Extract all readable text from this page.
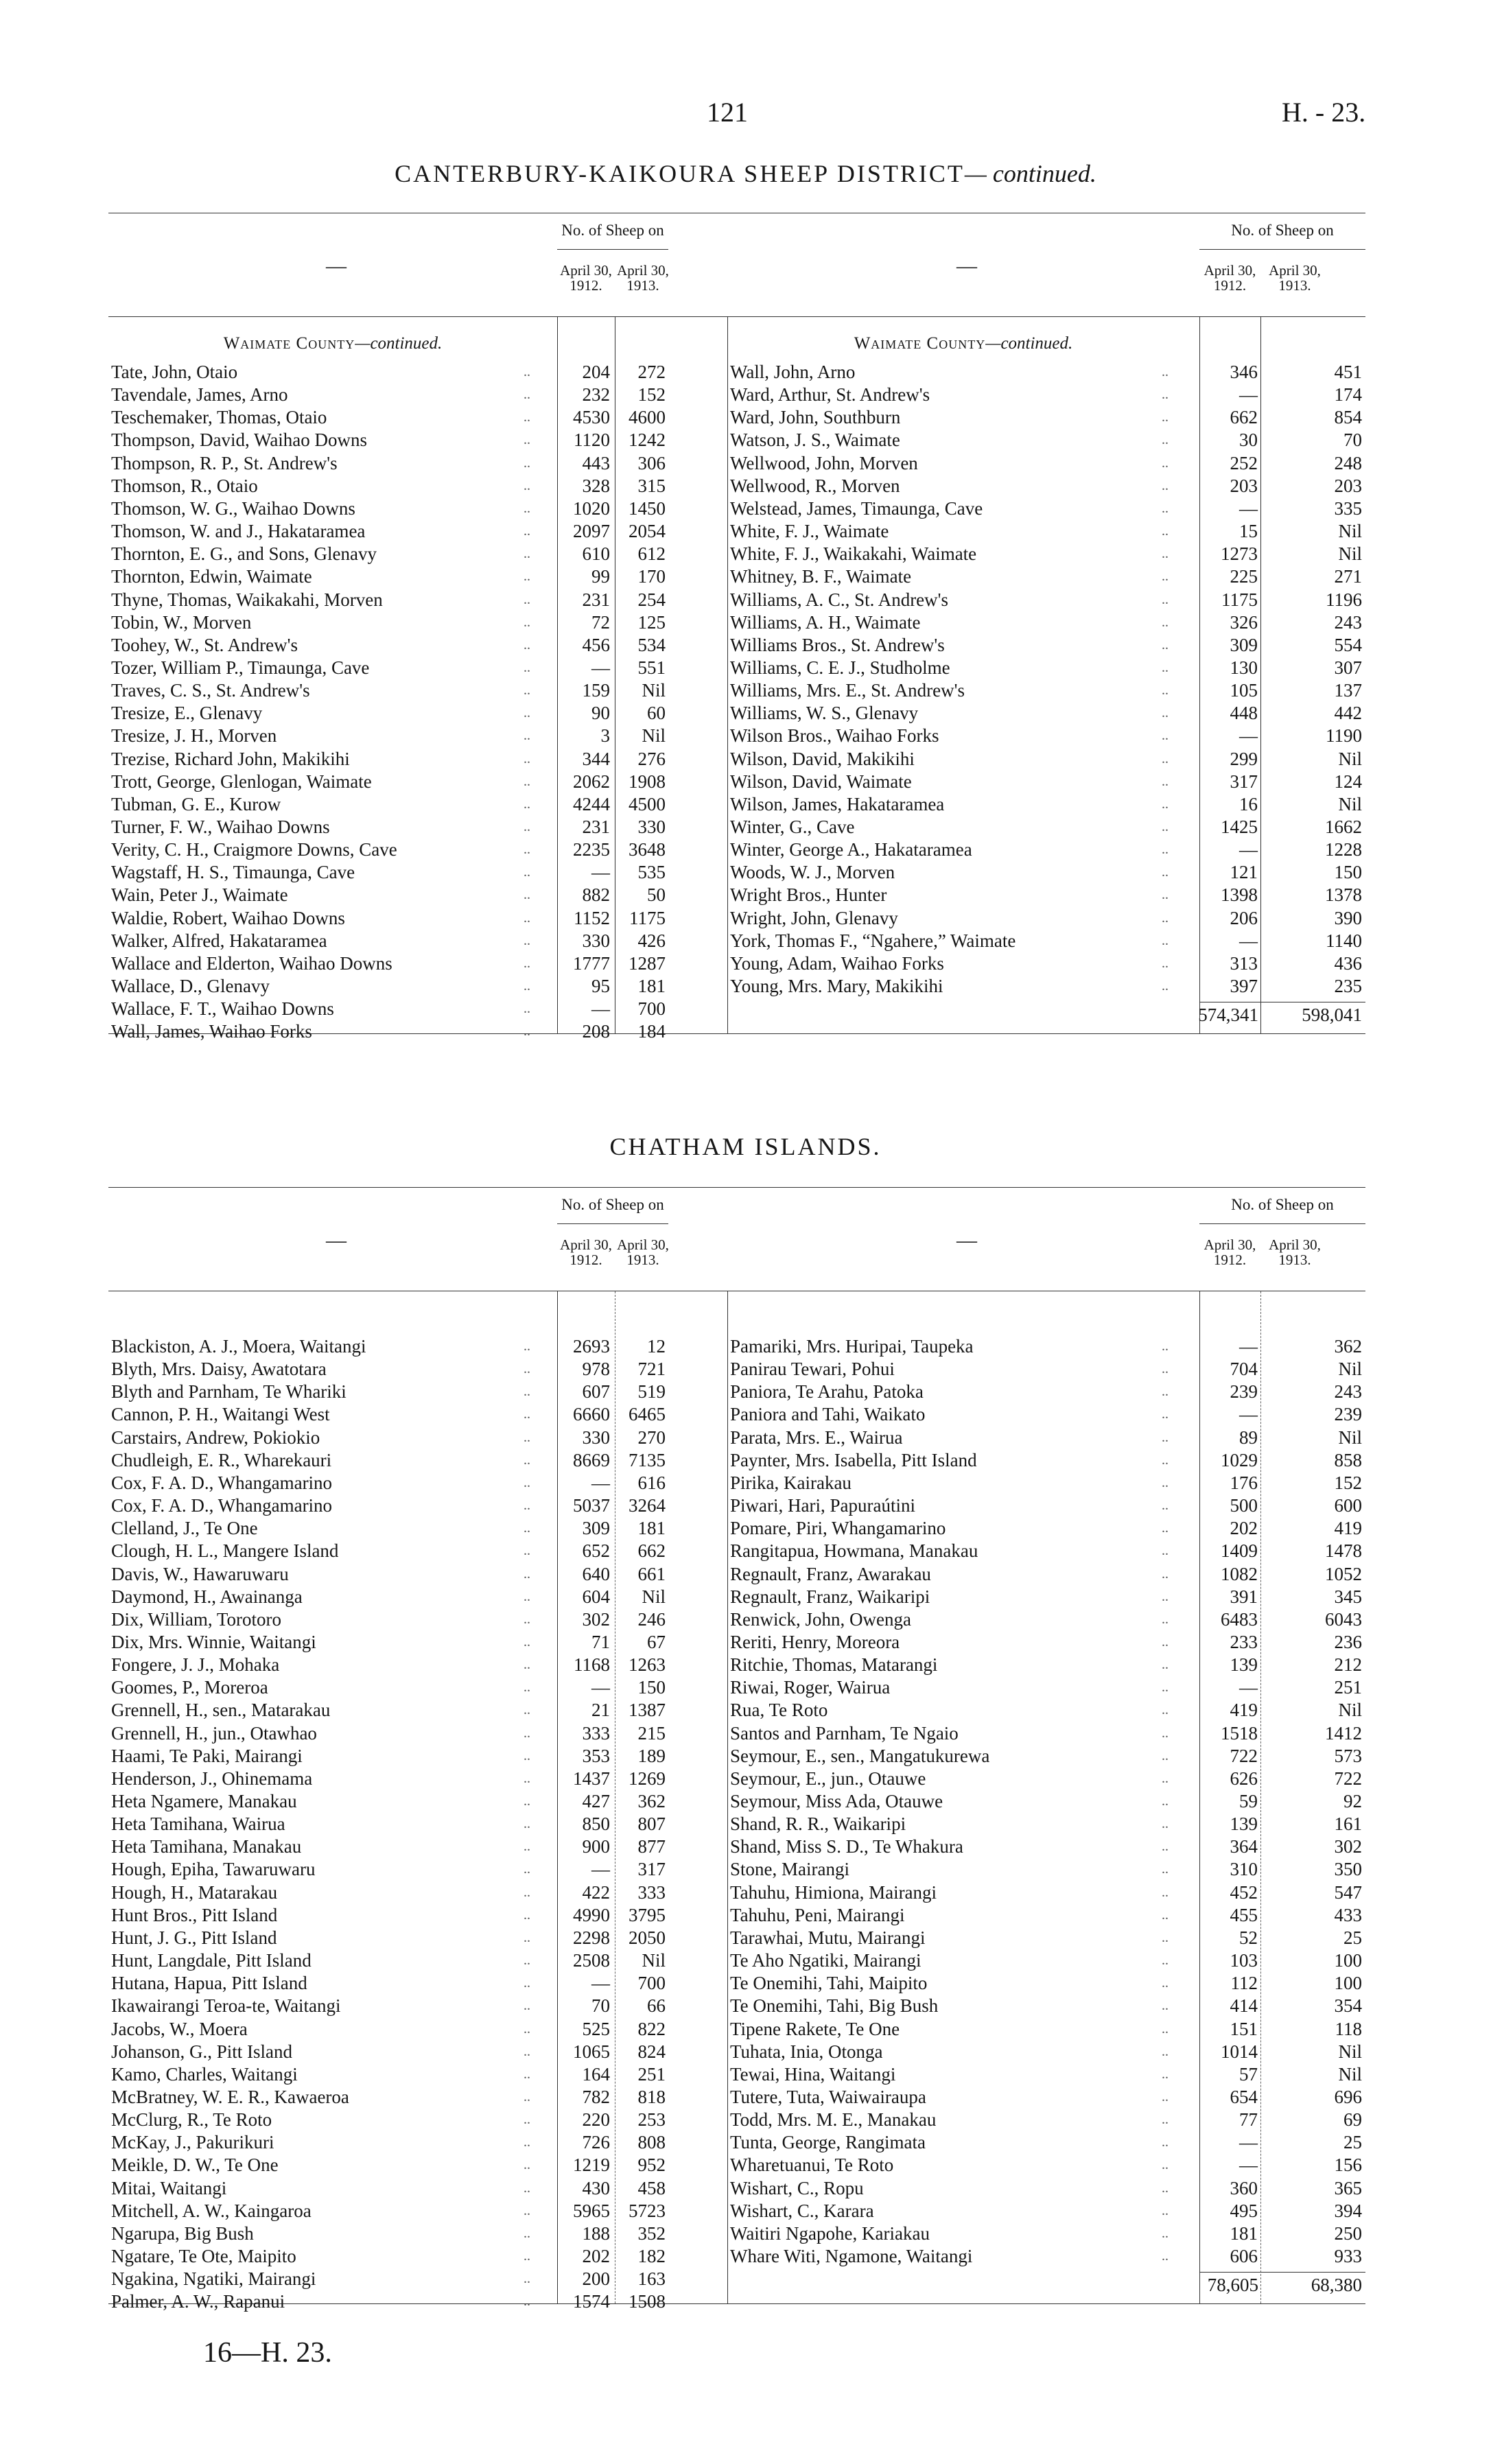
121	H. - 23.
CANTERBURY-KAIKOURA SHEEP DISTRICT— continued.
—	—
No. of Sheep on	No. of Sheep on
April 30, 1912.
April 30, 1913.
April 30, 1912.
April 30, 1913.
Waimate County—continued.	Waimate County—continued.
Tate, John, Otaio	..	204	272
Tavendale, James, Arno	..	232	152
Teschemaker, Thomas, Otaio	..	4530	4600
Thompson, David, Waihao Downs	..	1120	1242
Thompson, R. P., St. Andrew's	..	443	306
Thomson, R., Otaio	..	328	315
Thomson, W. G., Waihao Downs	..	1020	1450
Thomson, W. and J., Hakataramea	..	2097	2054
Thornton, E. G., and Sons, Glenavy	..	610	612
Thornton, Edwin, Waimate	..	99	170
Thyne, Thomas, Waikakahi, Morven	..	231	254
Tobin, W., Morven	..	72	125
Toohey, W., St. Andrew's	..	456	534
Tozer, William P., Timaunga, Cave	..	—	551
Traves, C. S., St. Andrew's	..	159	Nil
Tresize, E., Glenavy	..	90	60
Tresize, J. H., Morven	..	3	Nil
Trezise, Richard John, Makikihi	..	344	276
Trott, George, Glenlogan, Waimate	..	2062	1908
Tubman, G. E., Kurow	..	4244	4500
Turner, F. W., Waihao Downs	..	231	330
Verity, C. H., Craigmore Downs, Cave	..	2235	3648
Wagstaff, H. S., Timaunga, Cave	..	—	535
Wain, Peter J., Waimate	..	882	50
Waldie, Robert, Waihao Downs	..	1152	1175
Walker, Alfred, Hakataramea	..	330	426
Wallace and Elderton, Waihao Downs	..	1777	1287
Wallace, D., Glenavy	..	95	181
Wallace, F. T., Waihao Downs	..	—	700
Wall, James, Waihao Forks	..	208	184
Wall, John, Arno	..	346	451
Ward, Arthur, St. Andrew's	..	—	174
Ward, John, Southburn	..	662	854
Watson, J. S., Waimate	..	30	70
Wellwood, John, Morven	..	252	248
Wellwood, R., Morven	..	203	203
Welstead, James, Timaunga, Cave	..	—	335
White, F. J., Waimate	..	15	Nil
White, F. J., Waikakahi, Waimate	..	1273	Nil
Whitney, B. F., Waimate	..	225	271
Williams, A. C., St. Andrew's	..	1175	1196
Williams, A. H., Waimate	..	326	243
Williams Bros., St. Andrew's	..	309	554
Williams, C. E. J., Studholme	..	130	307
Williams, Mrs. E., St. Andrew's	..	105	137
Williams, W. S., Glenavy	..	448	442
Wilson Bros., Waihao Forks	..	—	1190
Wilson, David, Makikihi	..	299	Nil
Wilson, David, Waimate	..	317	124
Wilson, James, Hakataramea	..	16	Nil
Winter, G., Cave	..	1425	1662
Winter, George A., Hakataramea	..	—	1228
Woods, W. J., Morven	..	121	150
Wright Bros., Hunter	..	1398	1378
Wright, John, Glenavy	..	206	390
York, Thomas F., “Ngahere,” Waimate	..	—	1140
Young, Adam, Waihao Forks	..	313	436
Young, Mrs. Mary, Makikihi	..	397	235
574,341	598,041
CHATHAM ISLANDS.
—	—
No. of Sheep on	No. of Sheep on
April 30, 1912.
April 30, 1913.
April 30, 1912.
April 30, 1913.
Blackiston, A. J., Moera, Waitangi	..	2693	12
Blyth, Mrs. Daisy, Awatotara	..	978	721
Blyth and Parnham, Te Whariki	..	607	519
Cannon, P. H., Waitangi West	..	6660	6465
Carstairs, Andrew, Pokiokio	..	330	270
Chudleigh, E. R., Wharekauri	..	8669	7135
Cox, F. A. D., Whangamarino	..	—	616
Cox, F. A. D., Whangamarino	..	5037	3264
Clelland, J., Te One	..	309	181
Clough, H. L., Mangere Island	..	652	662
Davis, W., Hawaruwaru	..	640	661
Daymond, H., Awainanga	..	604	Nil
Dix, William, Torotoro	..	302	246
Dix, Mrs. Winnie, Waitangi	..	71	67
Fongere, J. J., Mohaka	..	1168	1263
Goomes, P., Moreroa	..	—	150
Grennell, H., sen., Matarakau	..	21	1387
Grennell, H., jun., Otawhao	..	333	215
Haami, Te Paki, Mairangi	..	353	189
Henderson, J., Ohinemama	..	1437	1269
Heta Ngamere, Manakau	..	427	362
Heta Tamihana, Wairua	..	850	807
Heta Tamihana, Manakau	..	900	877
Hough, Epiha, Tawaruwaru	..	—	317
Hough, H., Matarakau	..	422	333
Hunt Bros., Pitt Island	..	4990	3795
Hunt, J. G., Pitt Island	..	2298	2050
Hunt, Langdale, Pitt Island	..	2508	Nil
Hutana, Hapua, Pitt Island	..	—	700
Ikawairangi Teroa-te, Waitangi	..	70	66
Jacobs, W., Moera	..	525	822
Johanson, G., Pitt Island	..	1065	824
Kamo, Charles, Waitangi	..	164	251
McBratney, W. E. R., Kawaeroa	..	782	818
McClurg, R., Te Roto	..	220	253
McKay, J., Pakurikuri	..	726	808
Meikle, D. W., Te One	..	1219	952
Mitai, Waitangi	..	430	458
Mitchell, A. W., Kaingaroa	..	5965	5723
Ngarupa, Big Bush	..	188	352
Ngatare, Te Ote, Maipito	..	202	182
Ngakina, Ngatiki, Mairangi	..	200	163
Palmer, A. W., Rapanui	..	1574	1508
Pamariki, Mrs. Huripai, Taupeka	..	—	362
Panirau Tewari, Pohui	..	704	Nil
Paniora, Te Arahu, Patoka	..	239	243
Paniora and Tahi, Waikato	..	—	239
Parata, Mrs. E., Wairua	..	89	Nil
Paynter, Mrs. Isabella, Pitt Island	..	1029	858
Pirika, Kairakau	..	176	152
Piwari, Hari, Papuraútini	..	500	600
Pomare, Piri, Whangamarino	..	202	419
Rangitapua, Howmana, Manakau	..	1409	1478
Regnault, Franz, Awarakau	..	1082	1052
Regnault, Franz, Waikaripi	..	391	345
Renwick, John, Owenga	..	6483	6043
Reriti, Henry, Moreora	..	233	236
Ritchie, Thomas, Matarangi	..	139	212
Riwai, Roger, Wairua	..	—	251
Rua, Te Roto	..	419	Nil
Santos and Parnham, Te Ngaio	..	1518	1412
Seymour, E., sen., Mangatukurewa	..	722	573
Seymour, E., jun., Otauwe	..	626	722
Seymour, Miss Ada, Otauwe	..	59	92
Shand, R. R., Waikaripi	..	139	161
Shand, Miss S. D., Te Whakura	..	364	302
Stone, Mairangi	..	310	350
Tahuhu, Himiona, Mairangi	..	452	547
Tahuhu, Peni, Mairangi	..	455	433
Tarawhai, Mutu, Mairangi	..	52	25
Te Aho Ngatiki, Mairangi	..	103	100
Te Onemihi, Tahi, Maipito	..	112	100
Te Onemihi, Tahi, Big Bush	..	414	354
Tipene Rakete, Te One	..	151	118
Tuhata, Inia, Otonga	..	1014	Nil
Tewai, Hina, Waitangi	..	57	Nil
Tutere, Tuta, Waiwairaupa	..	654	696
Todd, Mrs. M. E., Manakau	..	77	69
Tunta, George, Rangimata	..	—	25
Wharetuanui, Te Roto	..	—	156
Wishart, C., Ropu	..	360	365
Wishart, C., Karara	..	495	394
Waitiri Ngapohe, Kariakau	..	181	250
Whare Witi, Ngamone, Waitangi	..	606	933
78,605	68,380
16—H. 23.
